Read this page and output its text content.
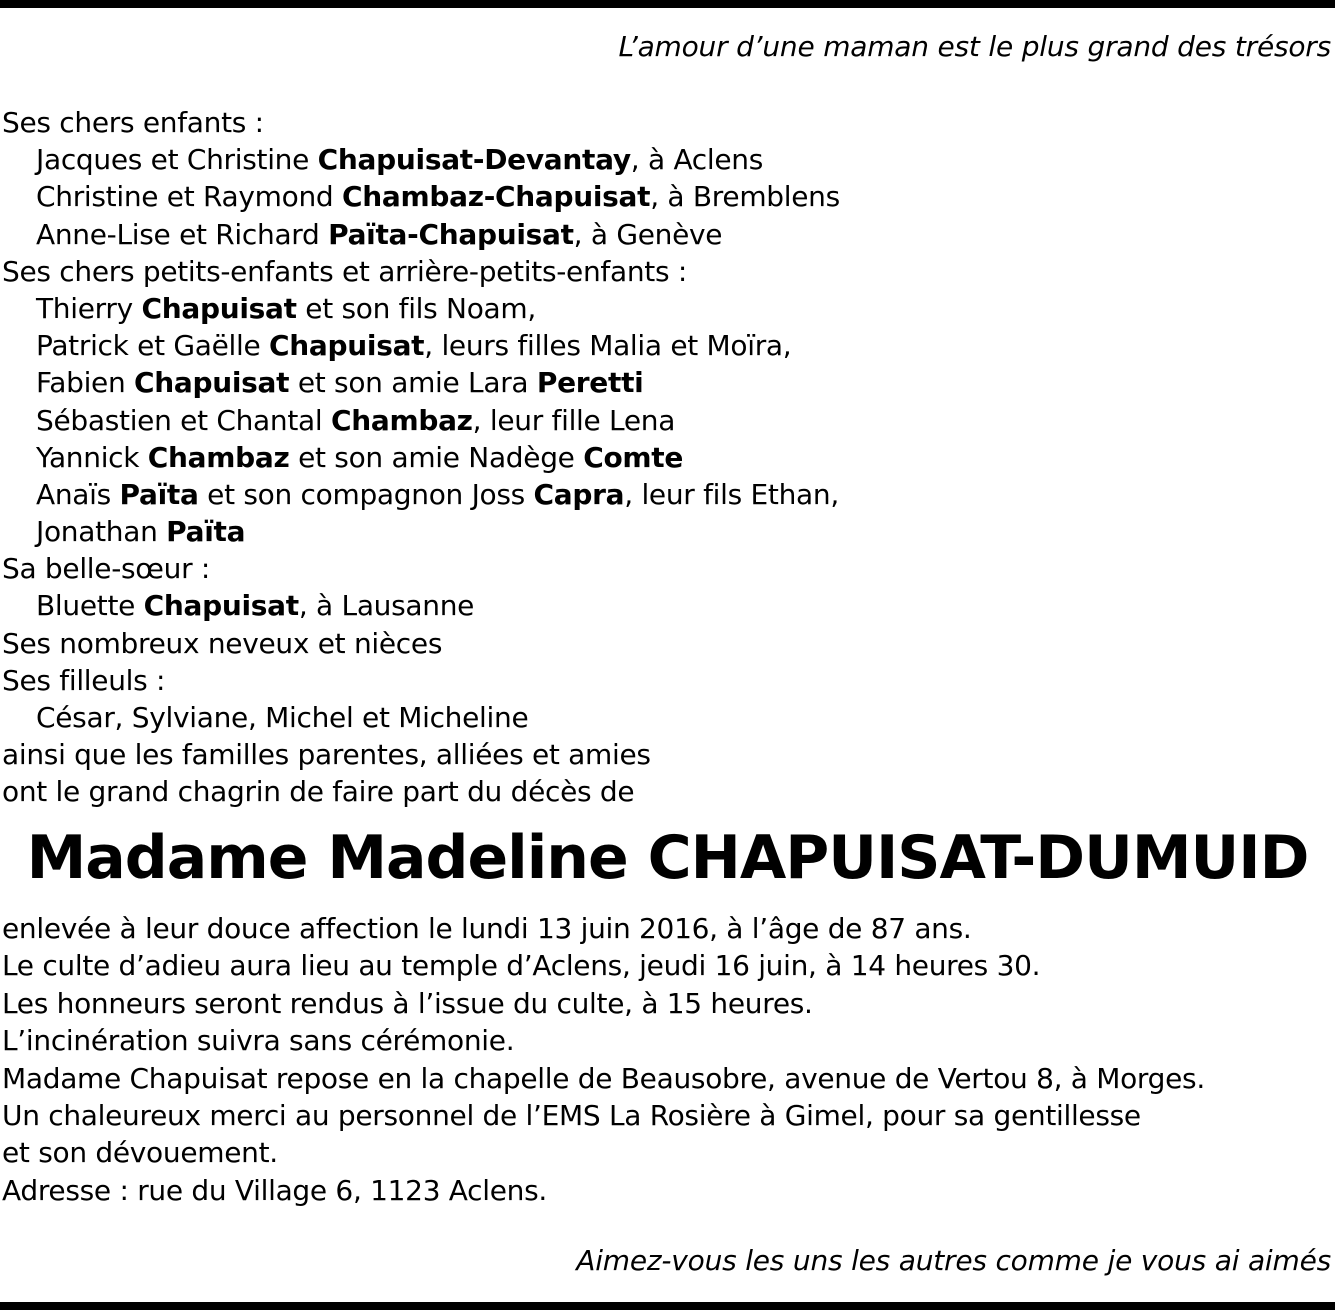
L’amour d’une maman est le plus grand des trésors
Ses chers enfants :
Jacques et Christine Chapuisat-Devantay, à Aclens
Christine et Raymond Chambaz-Chapuisat, à Bremblens
Anne-Lise et Richard Païta-Chapuisat, à Genève
Ses chers petits-enfants et arrière-petits-enfants :
Thierry Chapuisat et son fils Noam,
Patrick et Gaëlle Chapuisat, leurs filles Malia et Moïra,
Fabien Chapuisat et son amie Lara Peretti
Sébastien et Chantal Chambaz, leur fille Lena
Yannick Chambaz et son amie Nadège Comte
Anaïs Païta et son compagnon Joss Capra, leur fils Ethan,
Jonathan Païta
Sa belle-sœur :
Bluette Chapuisat, à Lausanne
Ses nombreux neveux et nièces
Ses filleuls :
César, Sylviane, Michel et Micheline
ainsi que les familles parentes, alliées et amies
ont le grand chagrin de faire part du décès de
Madame Madeline CHAPUISAT-DUMUID
enlevée à leur douce affection le lundi 13 juin 2016, à l’âge de 87 ans.
Le culte d’adieu aura lieu au temple d’Aclens, jeudi 16 juin, à 14 heures 30.
Les honneurs seront rendus à l’issue du culte, à 15 heures.
L’incinération suivra sans cérémonie.
Madame Chapuisat repose en la chapelle de Beausobre, avenue de Vertou 8, à Morges.
Un chaleureux merci au personnel de l’EMS La Rosière à Gimel, pour sa gentillesse
et son dévouement.
Adresse : rue du Village 6, 1123 Aclens.
Aimez-vous les uns les autres comme je vous ai aimés
